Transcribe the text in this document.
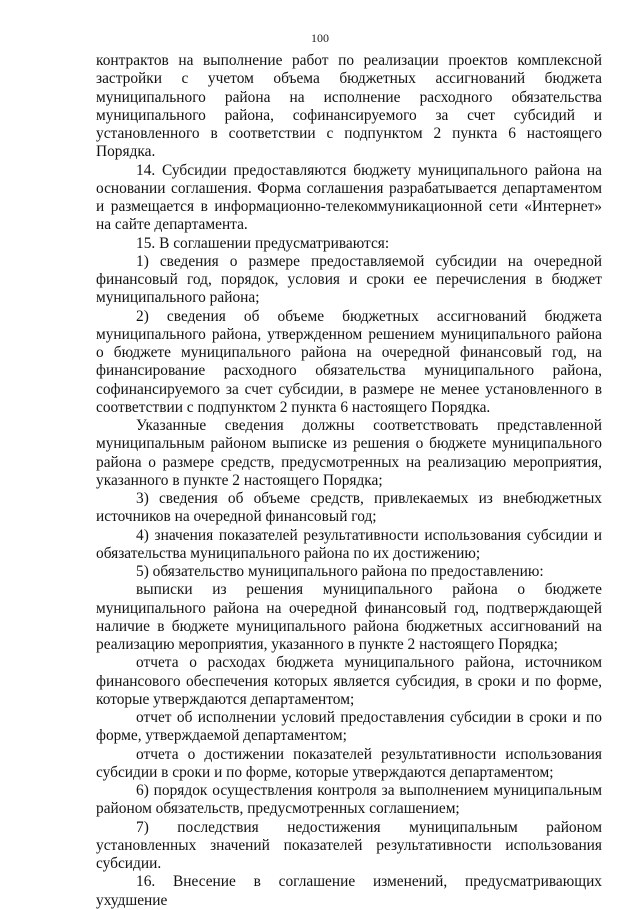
100

контрактов на выполнение работ по реализации проектов комплексной застройки с учетом объема бюджетных ассигнований бюджета муниципального района на исполнение расходного обязательства муниципального района, софинансируемого за счет субсидий и установленного в соответствии с подпунктом 2 пункта 6 настоящего Порядка.

14. Субсидии предоставляются бюджету муниципального района на основании соглашения. Форма соглашения разрабатывается департаментом и размещается в информационно-телекоммуникационной сети «Интернет» на сайте департамента.

15. В соглашении предусматриваются:

1) сведения о размере предоставляемой субсидии на очередной финансовый год, порядок, условия и сроки ее перечисления в бюджет муниципального района;

2) сведения об объеме бюджетных ассигнований бюджета муниципального района, утвержденном решением муниципального района о бюджете муниципального района на очередной финансовый год, на финансирование расходного обязательства муниципального района, софинансируемого за счет субсидии, в размере не менее установленного в соответствии с подпунктом 2 пункта 6 настоящего Порядка.

Указанные сведения должны соответствовать представленной муниципальным районом выписке из решения о бюджете муниципального района о размере средств, предусмотренных на реализацию мероприятия, указанного в пункте 2 настоящего Порядка;

3) сведения об объеме средств, привлекаемых из внебюджетных источников на очередной финансовый год;

4) значения показателей результативности использования субсидии и обязательства муниципального района по их достижению;

5) обязательство муниципального района по предоставлению:

выписки из решения муниципального района о бюджете муниципального района на очередной финансовый год, подтверждающей наличие в бюджете муниципального района бюджетных ассигнований на реализацию мероприятия, указанного в пункте 2 настоящего Порядка;

отчета о расходах бюджета муниципального района, источником финансового обеспечения которых является субсидия, в сроки и по форме, которые утверждаются департаментом;

отчет об исполнении условий предоставления субсидии в сроки и по форме, утверждаемой департаментом;

отчета о достижении показателей результативности использования субсидии в сроки и по форме, которые утверждаются департаментом;

6) порядок осуществления контроля за выполнением муниципальным районом обязательств, предусмотренных соглашением;

7) последствия недостижения муниципальным районом установленных значений показателей результативности использования субсидии.

16. Внесение в соглашение изменений, предусматривающих ухудшение
